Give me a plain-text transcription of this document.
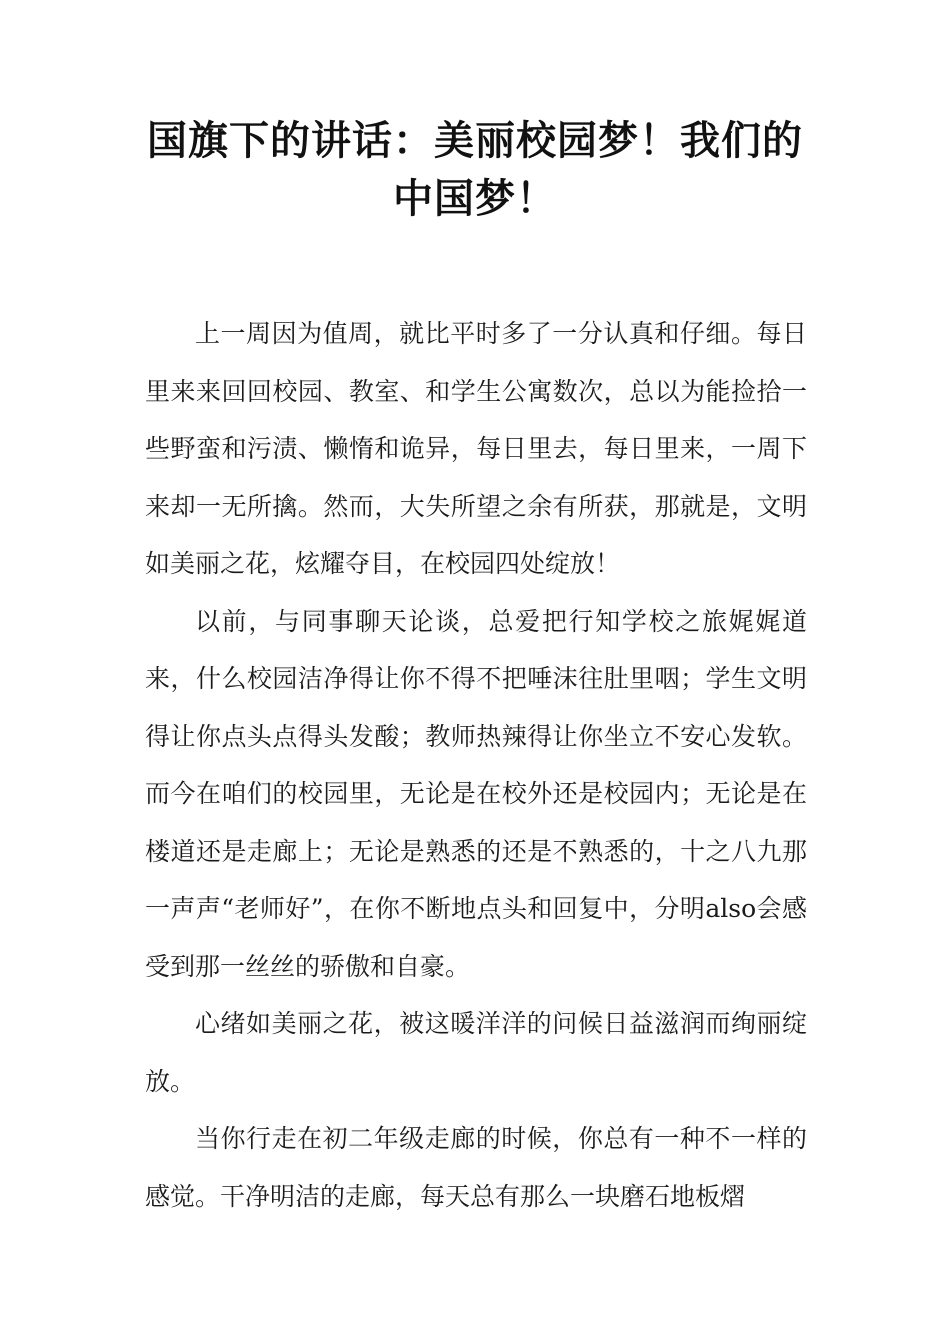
国旗下的讲话：美丽校园梦！我们的中国梦！

上一周因为值周，就比平时多了一分认真和仔细。每日里来来回回校园、教室、和学生公寓数次，总以为能捡拾一些野蛮和污渍、懒惰和诡异，每日里去，每日里来，一周下来却一无所擒。然而，大失所望之余有所获，那就是，文明如美丽之花，炫耀夺目，在校园四处绽放！

以前，与同事聊天论谈，总爱把行知学校之旅娓娓道来，什么校园洁净得让你不得不把唾沫往肚里咽；学生文明得让你点头点得头发酸；教师热辣得让你坐立不安心发软。而今在咱们的校园里，无论是在校外还是校园内；无论是在楼道还是走廊上；无论是熟悉的还是不熟悉的，十之八九那一声声“老师好”，在你不断地点头和回复中，分明also会感受到那一丝丝的骄傲和自豪。

心绪如美丽之花，被这暖洋洋的问候日益滋润而绚丽绽放。

当你行走在初二年级走廊的时候，你总有一种不一样的感觉。干净明洁的走廊，每天总有那么一块磨石地板熠
